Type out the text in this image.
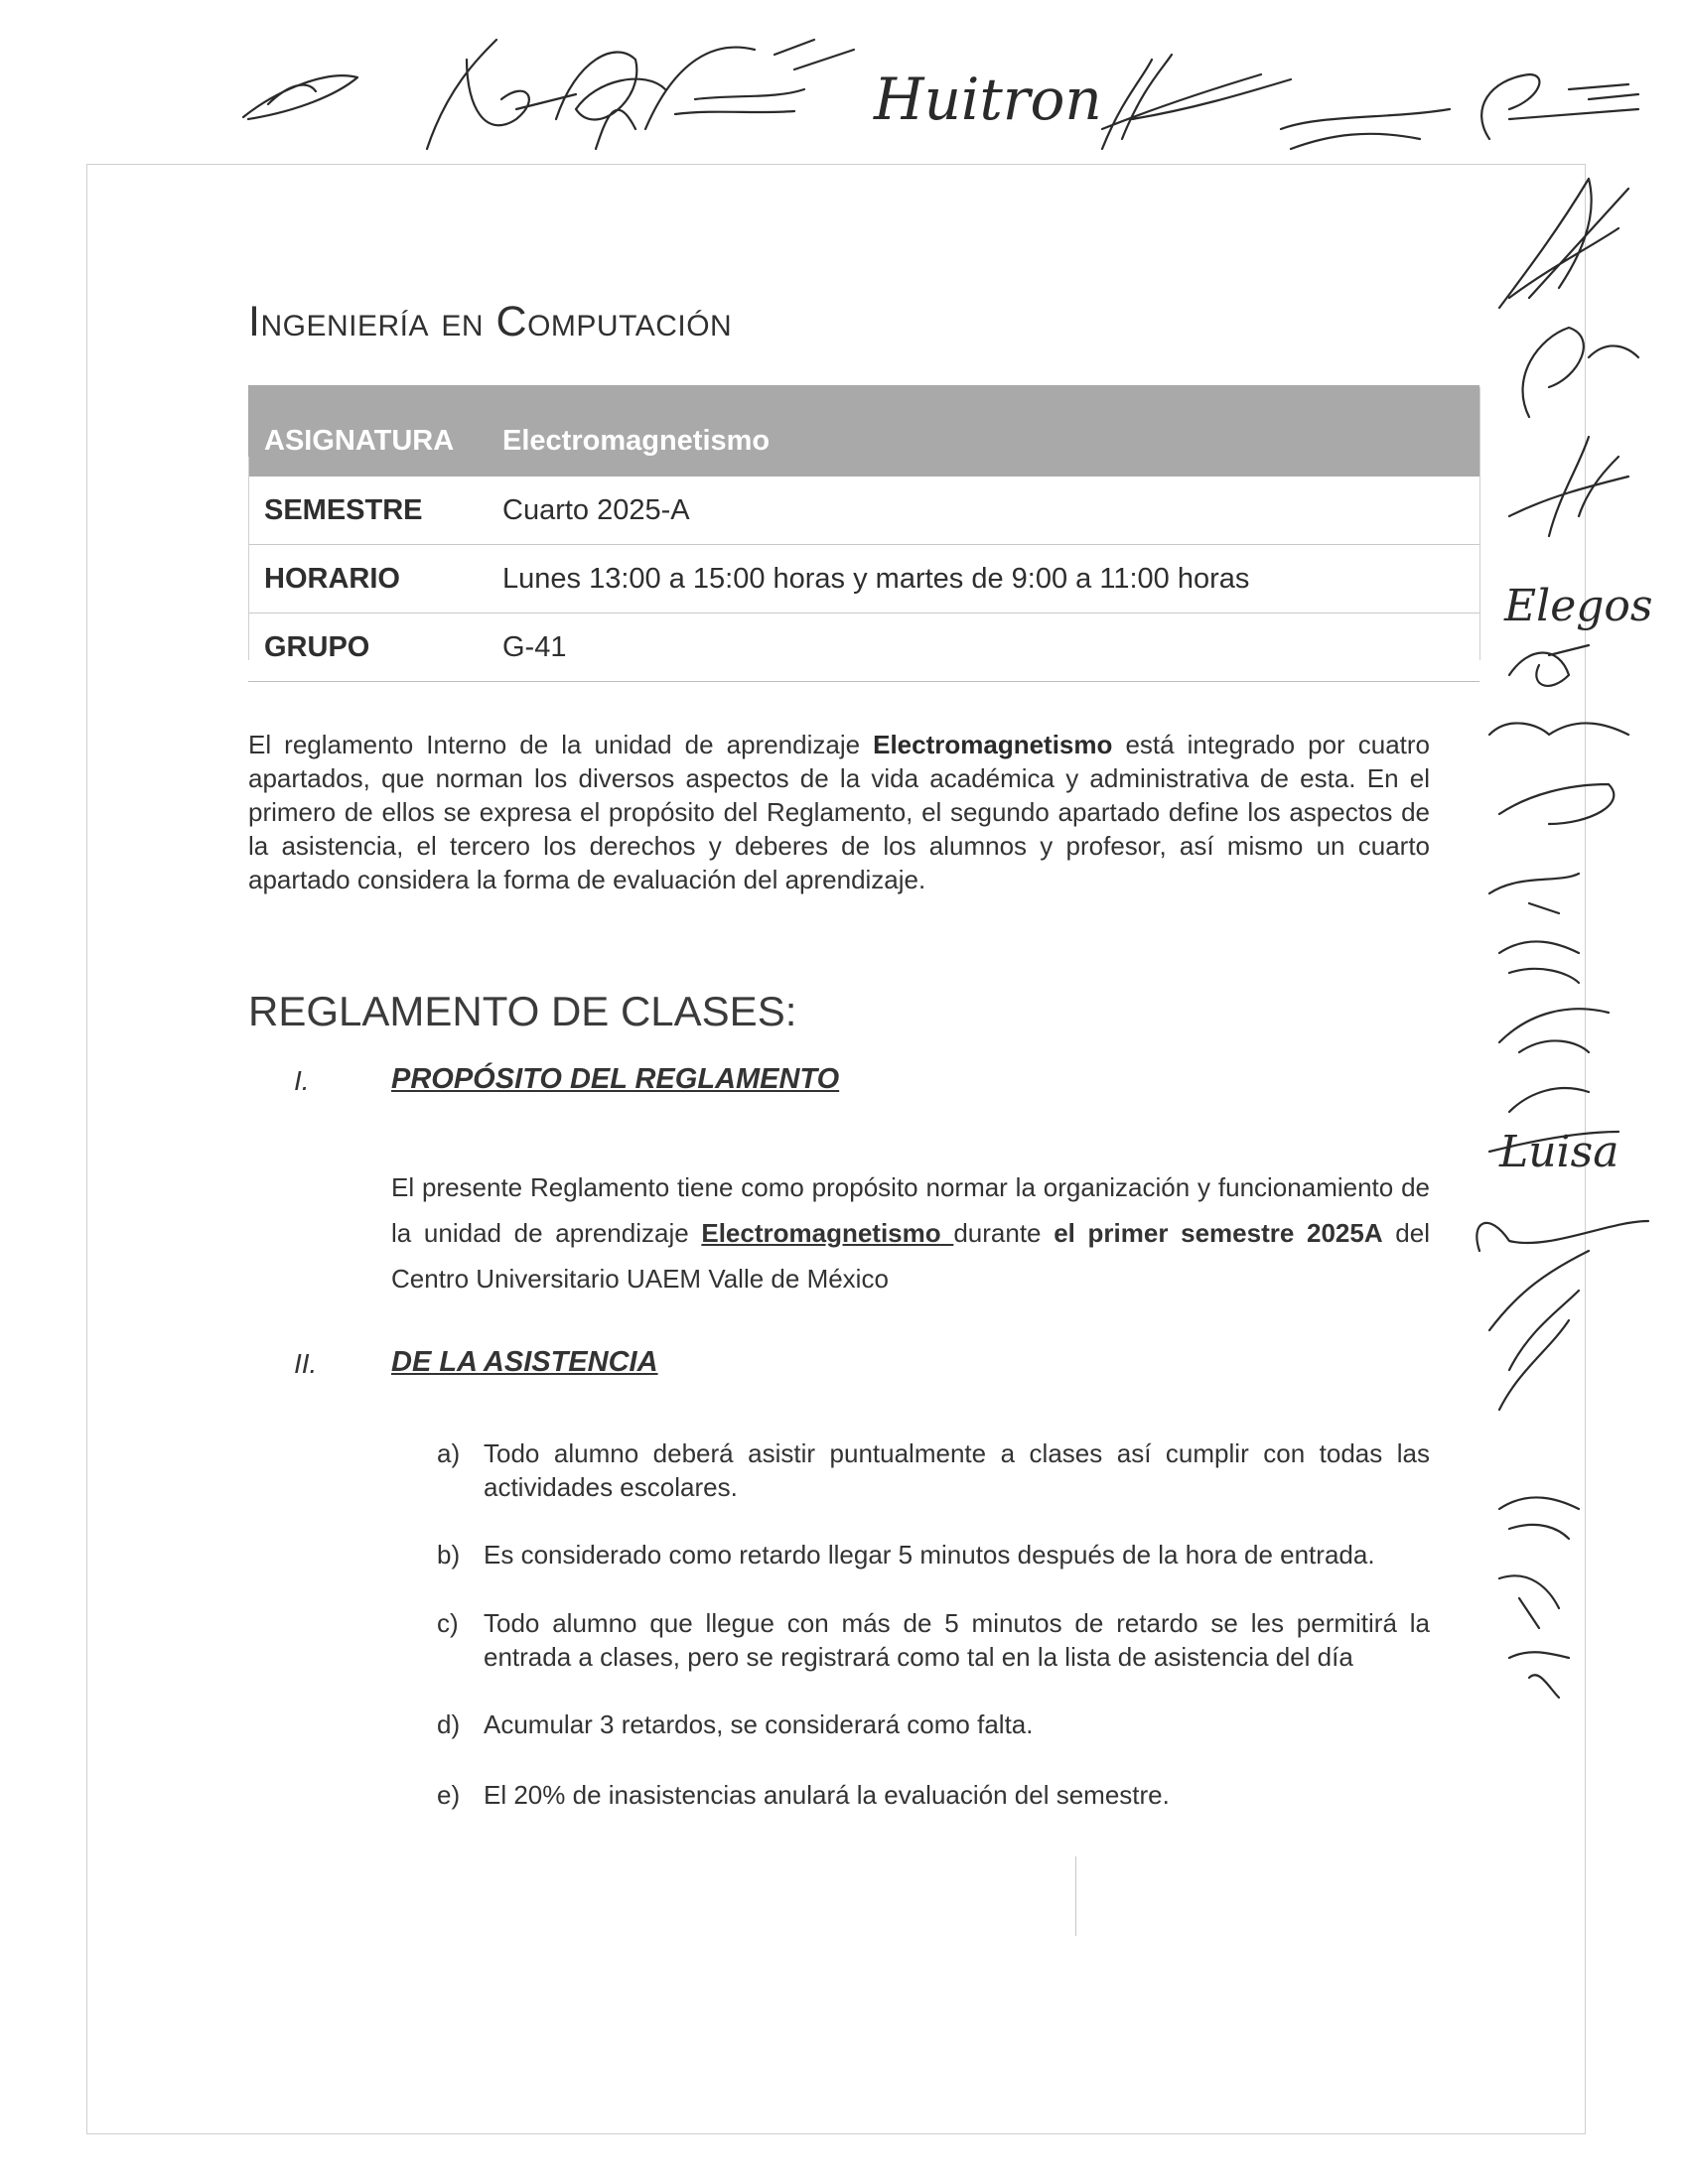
Huitron
Elegos
Luisa
Ingeniería en Computación
ASIGNATURA	Electromagnetismo
SEMESTRE	Cuarto 2025-A
HORARIO	Lunes 13:00 a 15:00 horas y martes de 9:00 a 11:00 horas
GRUPO	G-41

El reglamento Interno de la unidad de aprendizaje Electromagnetismo está integrado por cuatro apartados, que norman los diversos aspectos de la vida académica y administrativa de esta. En el primero de ellos se expresa el propósito del Reglamento, el segundo apartado define los aspectos de la asistencia, el tercero los derechos y deberes de los alumnos y profesor, así mismo un cuarto apartado considera la forma de evaluación del aprendizaje.

REGLAMENTO DE CLASES:
I.	PROPÓSITO DEL REGLAMENTO

El presente Reglamento tiene como propósito normar la organización y funcionamiento de la unidad de aprendizaje Electromagnetismo durante el primer semestre 2025A del Centro Universitario UAEM Valle de México

II.	DE LA ASISTENCIA
a) Todo alumno deberá asistir puntualmente a clases así cumplir con todas las actividades escolares.
b) Es considerado como retardo llegar 5 minutos después de la hora de entrada.
c) Todo alumno que llegue con más de 5 minutos de retardo se les permitirá la entrada a clases, pero se registrará como tal en la lista de asistencia del día
d) Acumular 3 retardos, se considerará como falta.
e) El 20% de inasistencias anulará la evaluación del semestre.
